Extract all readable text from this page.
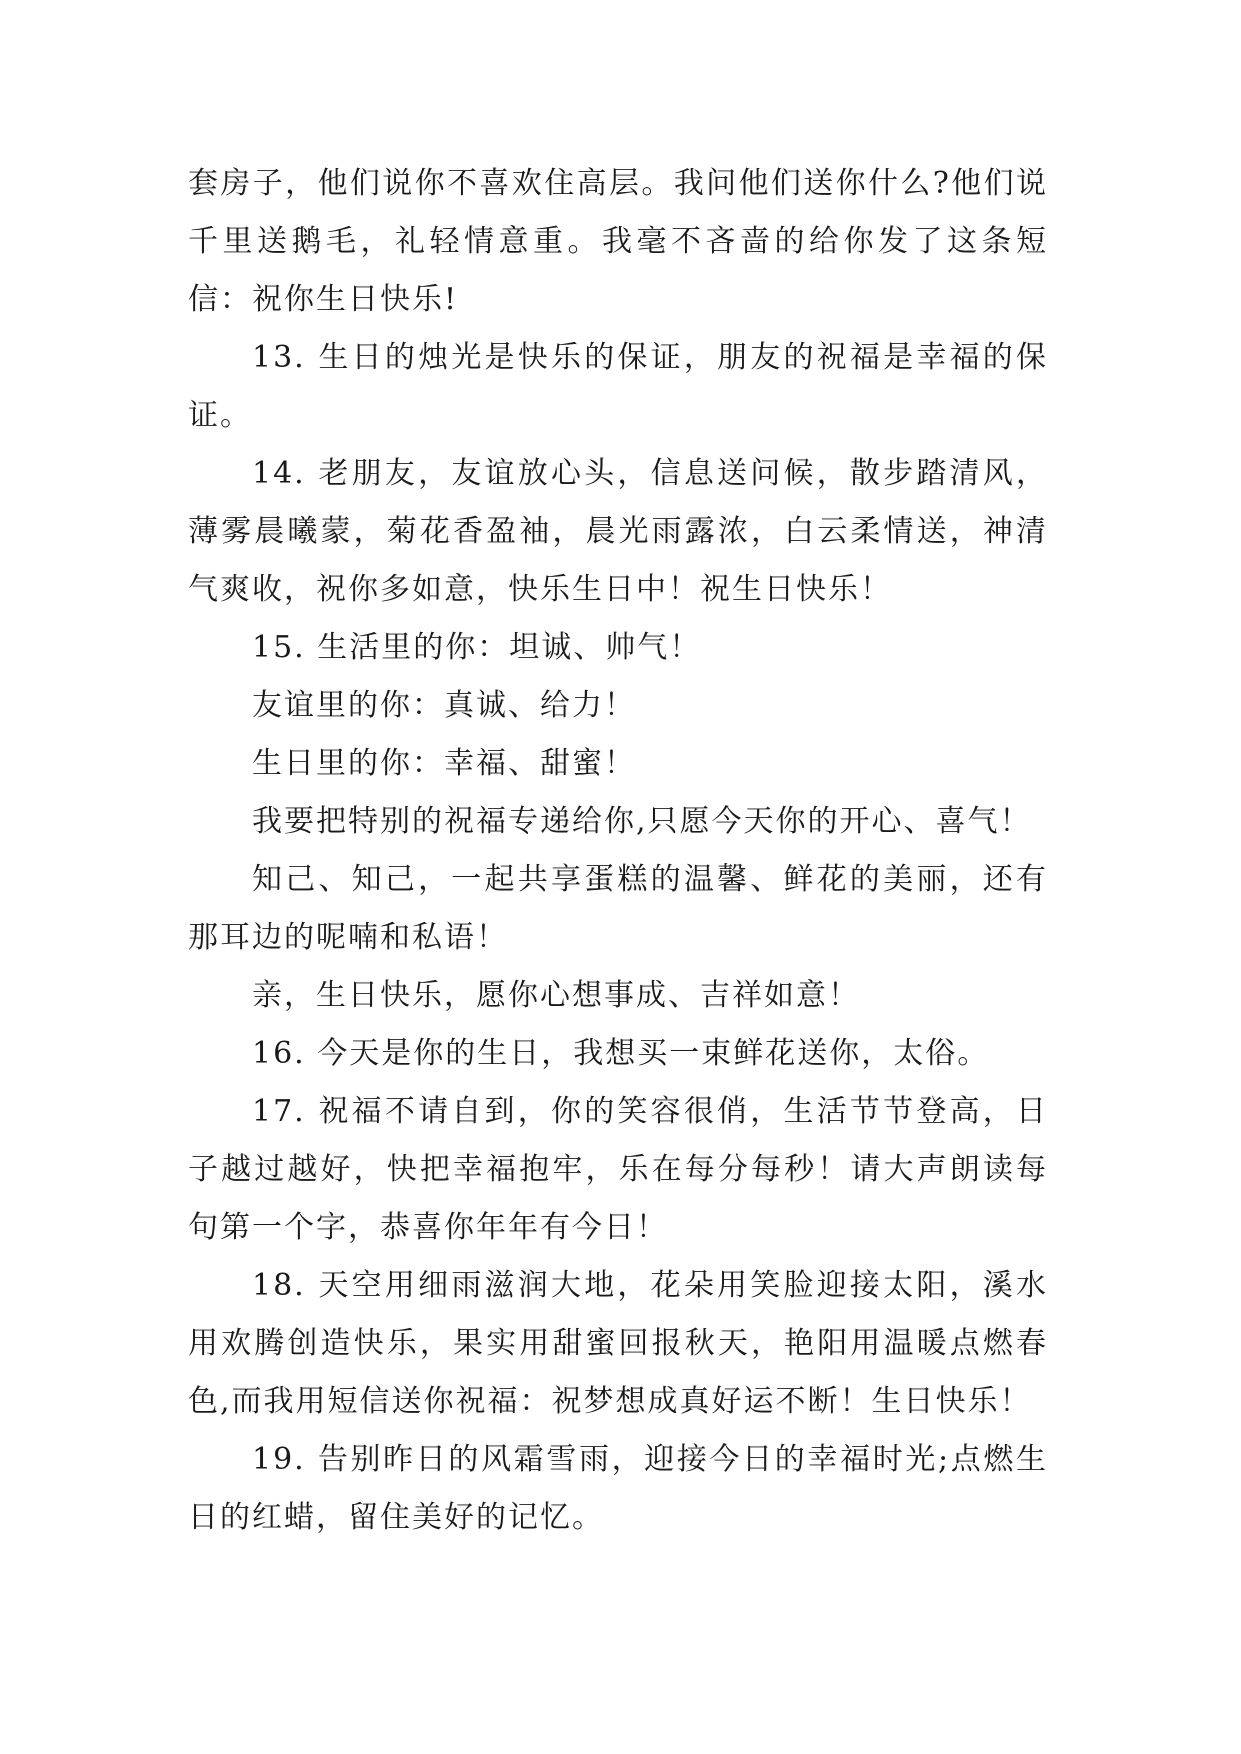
套房子，他们说你不喜欢住高层。我问他们送你什么?他们说千里送鹅毛，礼轻情意重。我毫不吝啬的给你发了这条短信：祝你生日快乐!

13. 生日的烛光是快乐的保证，朋友的祝福是幸福的保证。

14. 老朋友，友谊放心头，信息送问候，散步踏清风，薄雾晨曦蒙，菊花香盈袖，晨光雨露浓，白云柔情送，神清气爽收，祝你多如意，快乐生日中！祝生日快乐！

15. 生活里的你：坦诚、帅气！

友谊里的你：真诚、给力！

生日里的你：幸福、甜蜜！

我要把特别的祝福专递给你,只愿今天你的开心、喜气！

知己、知己，一起共享蛋糕的温馨、鲜花的美丽，还有那耳边的呢喃和私语！

亲，生日快乐，愿你心想事成、吉祥如意！

16. 今天是你的生日，我想买一束鲜花送你，太俗。

17. 祝福不请自到，你的笑容很俏，生活节节登高，日子越过越好，快把幸福抱牢，乐在每分每秒！请大声朗读每句第一个字，恭喜你年年有今日！

18. 天空用细雨滋润大地，花朵用笑脸迎接太阳，溪水用欢腾创造快乐，果实用甜蜜回报秋天，艳阳用温暖点燃春色,而我用短信送你祝福：祝梦想成真好运不断！生日快乐！

19. 告别昨日的风霜雪雨，迎接今日的幸福时光;点燃生日的红蜡，留住美好的记忆。
